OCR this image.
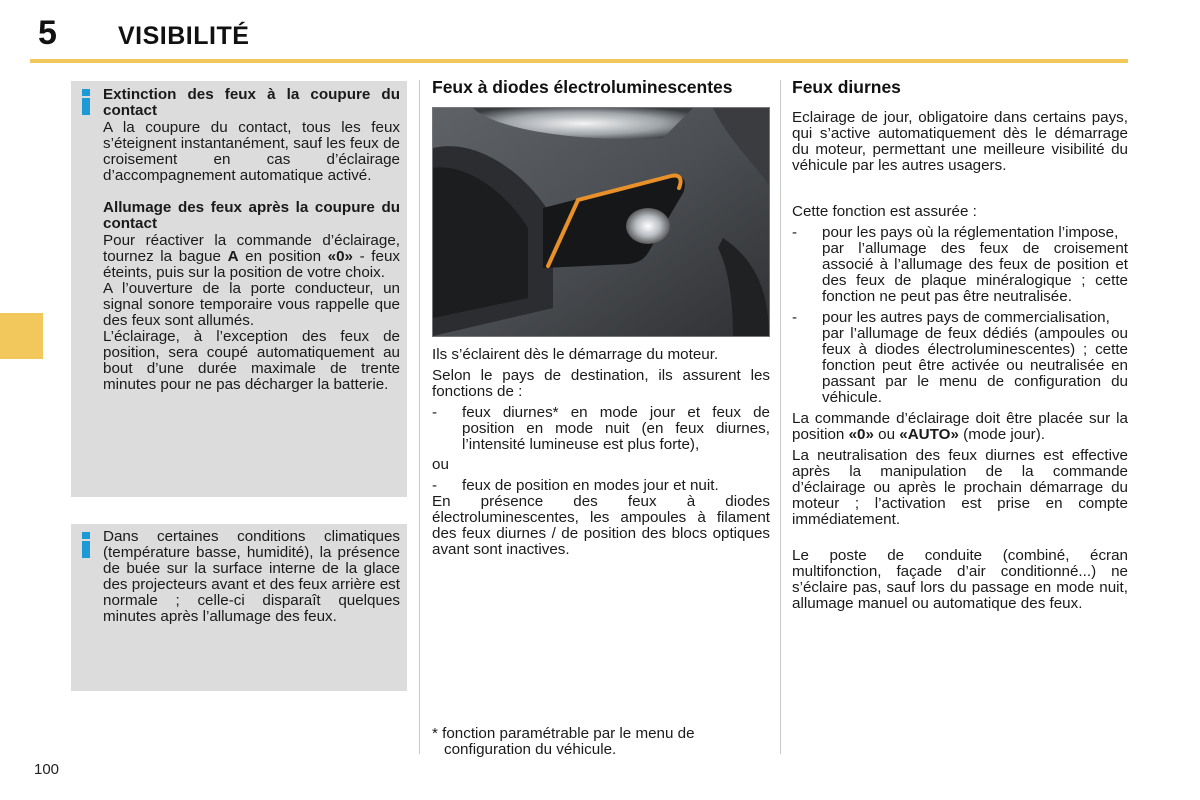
5 VISIBILITÉ

Extinction des feux à la coupure du contact

A la coupure du contact, tous les feux s’éteignent instantanément, sauf les feux de croisement en cas d’éclairage d’accompagnement automatique activé.

Allumage des feux après la coupure du contact

Pour réactiver la commande d’éclairage, tournez la bague A en position «0» - feux éteints, puis sur la position de votre choix.

A l’ouverture de la porte conducteur, un signal sonore temporaire vous rappelle que des feux sont allumés.

L’éclairage, à l’exception des feux de position, sera coupé automatiquement au bout d’une durée maximale de trente minutes pour ne pas décharger la batterie.

Dans certaines conditions climatiques (température basse, humidité), la présence de buée sur la surface interne de la glace des projecteurs avant et des feux arrière est normale ; celle-ci disparaît quelques minutes après l’allumage des feux.

Feux à diodes électroluminescentes

Ils s’éclairent dès le démarrage du moteur.

Selon le pays de destination, ils assurent les fonctions de :

-	feux diurnes* en mode jour et feux de position en mode nuit (en feux diurnes, l’intensité lumineuse est plus forte),

ou

-	feux de position en modes jour et nuit.

En présence des feux à diodes électroluminescentes, les ampoules à filament des feux diurnes / de position des blocs optiques avant sont inactives.

* fonction paramétrable par le menu de configuration du véhicule.
Feux diurnes

Eclairage de jour, obligatoire dans certains pays, qui s’active automatiquement dès le démarrage du moteur, permettant une meilleure visibilité du véhicule par les autres usagers.

Cette fonction est assurée :

-	pour les pays où la réglementation l’impose,

par l’allumage des feux de croisement associé à l’allumage des feux de position et des feux de plaque minéralogique ; cette fonction ne peut pas être neutralisée.

-	pour les autres pays de commercialisation,

par l’allumage de feux dédiés (ampoules ou feux à diodes électroluminescentes) ; cette fonction peut être activée ou neutralisée en passant par le menu de configuration du véhicule.

La commande d’éclairage doit être placée sur la position «0» ou «AUTO» (mode jour).

La neutralisation des feux diurnes est effective après la manipulation de la commande d’éclairage ou après le prochain démarrage du moteur ; l’activation est prise en compte immédiatement.

Le poste de conduite (combiné, écran multifonction, façade d’air conditionné...) ne s’éclaire pas, sauf lors du passage en mode nuit, allumage manuel ou automatique des feux.

100
